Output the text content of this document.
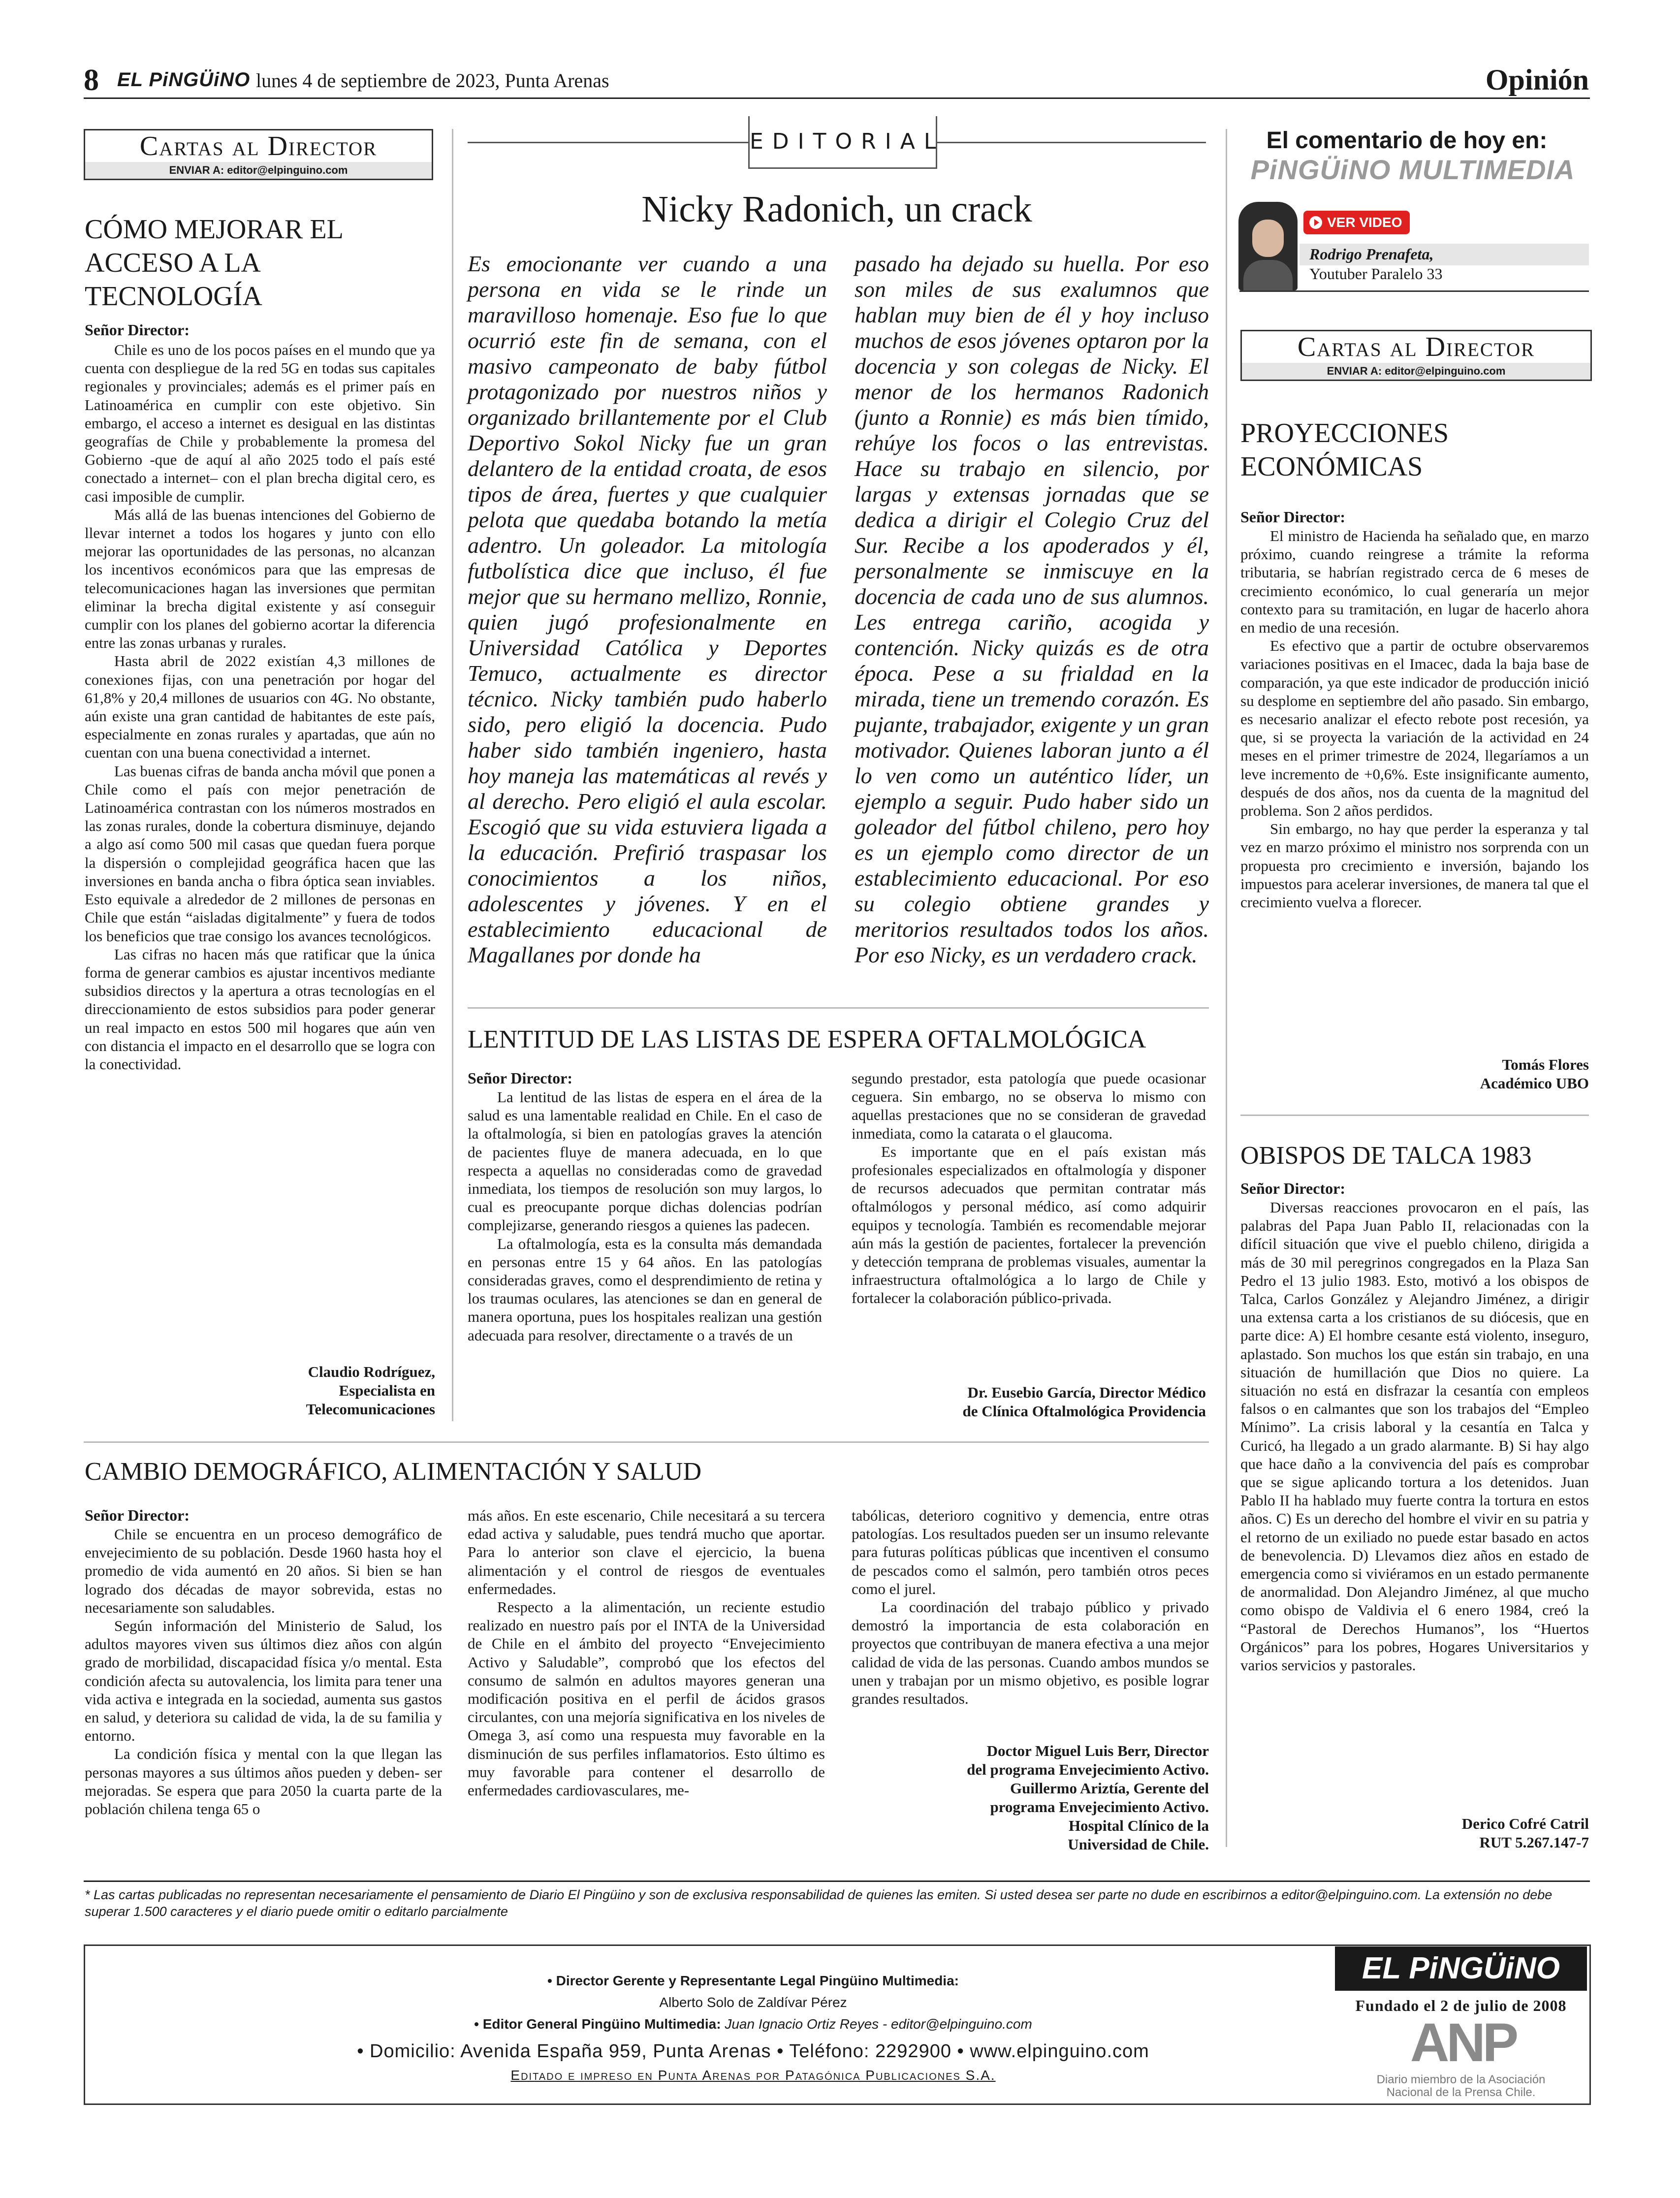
8 EL PiNGÜiNO lunes 4 de septiembre de 2023, Punta Arenas	Opinión
Cartas al Director
ENVIAR A: editor@elpinguino.com
CÓMO MEJORAR EL ACCESO A LA TECNOLOGÍA
Señor Director:

Chile es uno de los pocos países en el mundo que ya cuenta con despliegue de la red 5G en todas sus capitales regionales y provinciales; además es el primer país en Latinoamérica en cumplir con este objetivo. Sin embargo, el acceso a internet es desigual en las distintas geografías de Chile y probablemente la promesa del Gobierno -que de aquí al año 2025 todo el país esté conectado a internet– con el plan brecha digital cero, es casi imposible de cumplir.

Más allá de las buenas intenciones del Gobierno de llevar internet a todos los hogares y junto con ello mejorar las oportunidades de las personas, no alcanzan los incentivos económicos para que las empresas de telecomunicaciones hagan las inversiones que permitan eliminar la brecha digital existente y así conseguir cumplir con los planes del gobierno acortar la diferencia entre las zonas urbanas y rurales.

Hasta abril de 2022 existían 4,3 millones de conexiones fijas, con una penetración por hogar del 61,8% y 20,4 millones de usuarios con 4G. No obstante, aún existe una gran cantidad de habitantes de este país, especialmente en zonas rurales y apartadas, que aún no cuentan con una buena conectividad a internet.

Las buenas cifras de banda ancha móvil que ponen a Chile como el país con mejor penetración de Latinoamérica contrastan con los números mostrados en las zonas rurales, donde la cobertura disminuye, dejando a algo así como 500 mil casas que quedan fuera porque la dispersión o complejidad geográfica hacen que las inversiones en banda ancha o fibra óptica sean inviables. Esto equivale a alrededor de 2 millones de personas en Chile que están “aisladas digitalmente” y fuera de todos los beneficios que trae consigo los avances tecnológicos.

Las cifras no hacen más que ratificar que la única forma de generar cambios es ajustar incentivos mediante subsidios directos y la apertura a otras tecnologías en el direccionamiento de estos subsidios para poder generar un real impacto en estos 500 mil hogares que aún ven con distancia el impacto en el desarrollo que se logra con la conectividad.

Claudio Rodríguez,
Especialista en
Telecomunicaciones
EDITORIAL
Nicky Radonich, un crack
Es emocionante ver cuando a una persona en vida se le rinde un maravilloso homenaje. Eso fue lo que ocurrió este fin de semana, con el masivo campeonato de baby fútbol protagonizado por nuestros niños y organizado brillantemente por el Club Deportivo Sokol Nicky fue un gran delantero de la entidad croata, de esos tipos de área, fuertes y que cualquier pelota que quedaba botando la metía adentro. Un goleador. La mitología futbolística dice que incluso, él fue mejor que su hermano mellizo, Ronnie, quien jugó profesionalmente en Universidad Católica y Deportes Temuco, actualmente es director técnico. Nicky también pudo haberlo sido, pero eligió la docencia. Pudo haber sido también ingeniero, hasta hoy maneja las matemáticas al revés y al derecho. Pero eligió el aula escolar. Escogió que su vida estuviera ligada a la educación. Prefirió traspasar los conocimientos a los niños, adolescentes y jóvenes. Y en el establecimiento educacional de Magallanes por donde ha
pasado ha dejado su huella. Por eso son miles de sus exalumnos que hablan muy bien de él y hoy incluso muchos de esos jóvenes optaron por la docencia y son colegas de Nicky. El menor de los hermanos Radonich (junto a Ronnie) es más bien tímido, rehúye los focos o las entrevistas. Hace su trabajo en silencio, por largas y extensas jornadas que se dedica a dirigir el Colegio Cruz del Sur. Recibe a los apoderados y él, personalmente se inmiscuye en la docencia de cada uno de sus alumnos. Les entrega cariño, acogida y contención. Nicky quizás es de otra época. Pese a su frialdad en la mirada, tiene un tremendo corazón. Es pujante, trabajador, exigente y un gran motivador. Quienes laboran junto a él lo ven como un auténtico líder, un ejemplo a seguir. Pudo haber sido un goleador del fútbol chileno, pero hoy es un ejemplo como director de un establecimiento educacional. Por eso su colegio obtiene grandes y meritorios resultados todos los años. Por eso Nicky, es un verdadero crack.
LENTITUD DE LAS LISTAS DE ESPERA OFTALMOLÓGICA
Señor Director:

La lentitud de las listas de espera en el área de la salud es una lamentable realidad en Chile. En el caso de la oftalmología, si bien en patologías graves la atención de pacientes fluye de manera adecuada, en lo que respecta a aquellas no consideradas como de gravedad inmediata, los tiempos de resolución son muy largos, lo cual es preocupante porque dichas dolencias podrían complejizarse, generando riesgos a quienes las padecen.

La oftalmología, esta es la consulta más demandada en personas entre 15 y 64 años. En las patologías consideradas graves, como el desprendimiento de retina y los traumas oculares, las atenciones se dan en general de manera oportuna, pues los hospitales realizan una gestión adecuada para resolver, directamente o a través de un

segundo prestador, esta patología que puede ocasionar ceguera. Sin embargo, no se observa lo mismo con aquellas prestaciones que no se consideran de gravedad inmediata, como la catarata o el glaucoma.

Es importante que en el país existan más profesionales especializados en oftalmología y disponer de recursos adecuados que permitan contratar más oftalmólogos y personal médico, así como adquirir equipos y tecnología. También es recomendable mejorar aún más la gestión de pacientes, fortalecer la prevención y detección temprana de problemas visuales, aumentar la infraestructura oftalmológica a lo largo de Chile y fortalecer la colaboración público-privada.

Dr. Eusebio García, Director Médico
de Clínica Oftalmológica Providencia
El comentario de hoy en:
PiNGÜiNO MULTIMEDIA
VER VIDEO
Rodrigo Prenafeta,
Youtuber Paralelo 33
Cartas al Director
ENVIAR A: editor@elpinguino.com
PROYECCIONES ECONÓMICAS
Señor Director:

El ministro de Hacienda ha señalado que, en marzo próximo, cuando reingrese a trámite la reforma tributaria, se habrían registrado cerca de 6 meses de crecimiento económico, lo cual generaría un mejor contexto para su tramitación, en lugar de hacerlo ahora en medio de una recesión.

Es efectivo que a partir de octubre observaremos variaciones positivas en el Imacec, dada la baja base de comparación, ya que este indicador de producción inició su desplome en septiembre del año pasado. Sin embargo, es necesario analizar el efecto rebote post recesión, ya que, si se proyecta la variación de la actividad en 24 meses en el primer trimestre de 2024, llegaríamos a un leve incremento de +0,6%. Este insignificante aumento, después de dos años, nos da cuenta de la magnitud del problema. Son 2 años perdidos.

Sin embargo, no hay que perder la esperanza y tal vez en marzo próximo el ministro nos sorprenda con un propuesta pro crecimiento e inversión, bajando los impuestos para acelerar inversiones, de manera tal que el crecimiento vuelva a florecer.

Tomás Flores
Académico UBO
OBISPOS DE TALCA 1983
Señor Director:

Diversas reacciones provocaron en el país, las palabras del Papa Juan Pablo II, relacionadas con la difícil situación que vive el pueblo chileno, dirigida a más de 30 mil peregrinos congregados en la Plaza San Pedro el 13 julio 1983. Esto, motivó a los obispos de Talca, Carlos González y Alejandro Jiménez, a dirigir una extensa carta a los cristianos de su diócesis, que en parte dice: A) El hombre cesante está violento, inseguro, aplastado. Son muchos los que están sin trabajo, en una situación de humillación que Dios no quiere. La situación no está en disfrazar la cesantía con empleos falsos o en calmantes que son los trabajos del “Empleo Mínimo”. La crisis laboral y la cesantía en Talca y Curicó, ha llegado a un grado alarmante. B) Si hay algo que hace daño a la convivencia del país es comprobar que se sigue aplicando tortura a los detenidos. Juan Pablo II ha hablado muy fuerte contra la tortura en estos años. C) Es un derecho del hombre el vivir en su patria y el retorno de un exiliado no puede estar basado en actos de benevolencia. D) Llevamos diez años en estado de emergencia como si viviéramos en un estado permanente de anormalidad. Don Alejandro Jiménez, al que mucho como obispo de Valdivia el 6 enero 1984, creó la “Pastoral de Derechos Humanos”, los “Huertos Orgánicos” para los pobres, Hogares Universitarios y varios servicios y pastorales.

Derico Cofré Catril
RUT 5.267.147-7
CAMBIO DEMOGRÁFICO, ALIMENTACIÓN Y SALUD
Señor Director:

Chile se encuentra en un proceso demográfico de envejecimiento de su población. Desde 1960 hasta hoy el promedio de vida aumentó en 20 años. Si bien se han logrado dos décadas de mayor sobrevida, estas no necesariamente son saludables.

Según información del Ministerio de Salud, los adultos mayores viven sus últimos diez años con algún grado de morbilidad, discapacidad física y/o mental. Esta condición afecta su autovalencia, los limita para tener una vida activa e integrada en la sociedad, aumenta sus gastos en salud, y deteriora su calidad de vida, la de su familia y entorno.

La condición física y mental con la que llegan las personas mayores a sus últimos años pueden y deben- ser mejoradas. Se espera que para 2050 la cuarta parte de la población chilena tenga 65 o

más años. En este escenario, Chile necesitará a su tercera edad activa y saludable, pues tendrá mucho que aportar. Para lo anterior son clave el ejercicio, la buena alimentación y el control de riesgos de eventuales enfermedades.

Respecto a la alimentación, un reciente estudio realizado en nuestro país por el INTA de la Universidad de Chile en el ámbito del proyecto “Envejecimiento Activo y Saludable”, comprobó que los efectos del consumo de salmón en adultos mayores generan una modificación positiva en el perfil de ácidos grasos circulantes, con una mejoría significativa en los niveles de Omega 3, así como una respuesta muy favorable en la disminución de sus perfiles inflamatorios. Esto último es muy favorable para contener el desarrollo de enfermedades cardiovasculares, me-

tabólicas, deterioro cognitivo y demencia, entre otras patologías. Los resultados pueden ser un insumo relevante para futuras políticas públicas que incentiven el consumo de pescados como el salmón, pero también otros peces como el jurel.

La coordinación del trabajo público y privado demostró la importancia de esta colaboración en proyectos que contribuyan de manera efectiva a una mejor calidad de vida de las personas. Cuando ambos mundos se unen y trabajan por un mismo objetivo, es posible lograr grandes resultados.

Doctor Miguel Luis Berr, Director
del programa Envejecimiento Activo.
Guillermo Ariztía, Gerente del
programa Envejecimiento Activo.
Hospital Clínico de la
Universidad de Chile.
* Las cartas publicadas no representan necesariamente el pensamiento de Diario El Pingüino y son de exclusiva responsabilidad de quienes las emiten. Si usted desea ser parte no dude en escribirnos a editor@elpinguino.com. La extensión no debe superar 1.500 caracteres y el diario puede omitir o editarlo parcialmente
• Director Gerente y Representante Legal Pingüino Multimedia:
Alberto Solo de Zaldívar Pérez
• Editor General Pingüino Multimedia: Juan Ignacio Ortiz Reyes - editor@elpinguino.com
• Domicilio: Avenida España 959, Punta Arenas • Teléfono: 2292900 • www.elpinguino.com
Editado e impreso en Punta Arenas por Patagónica Publicaciones S.A.
EL PiNGÜiNO
Fundado el 2 de julio de 2008
ANP
Diario miembro de la Asociación
Nacional de la Prensa Chile.
